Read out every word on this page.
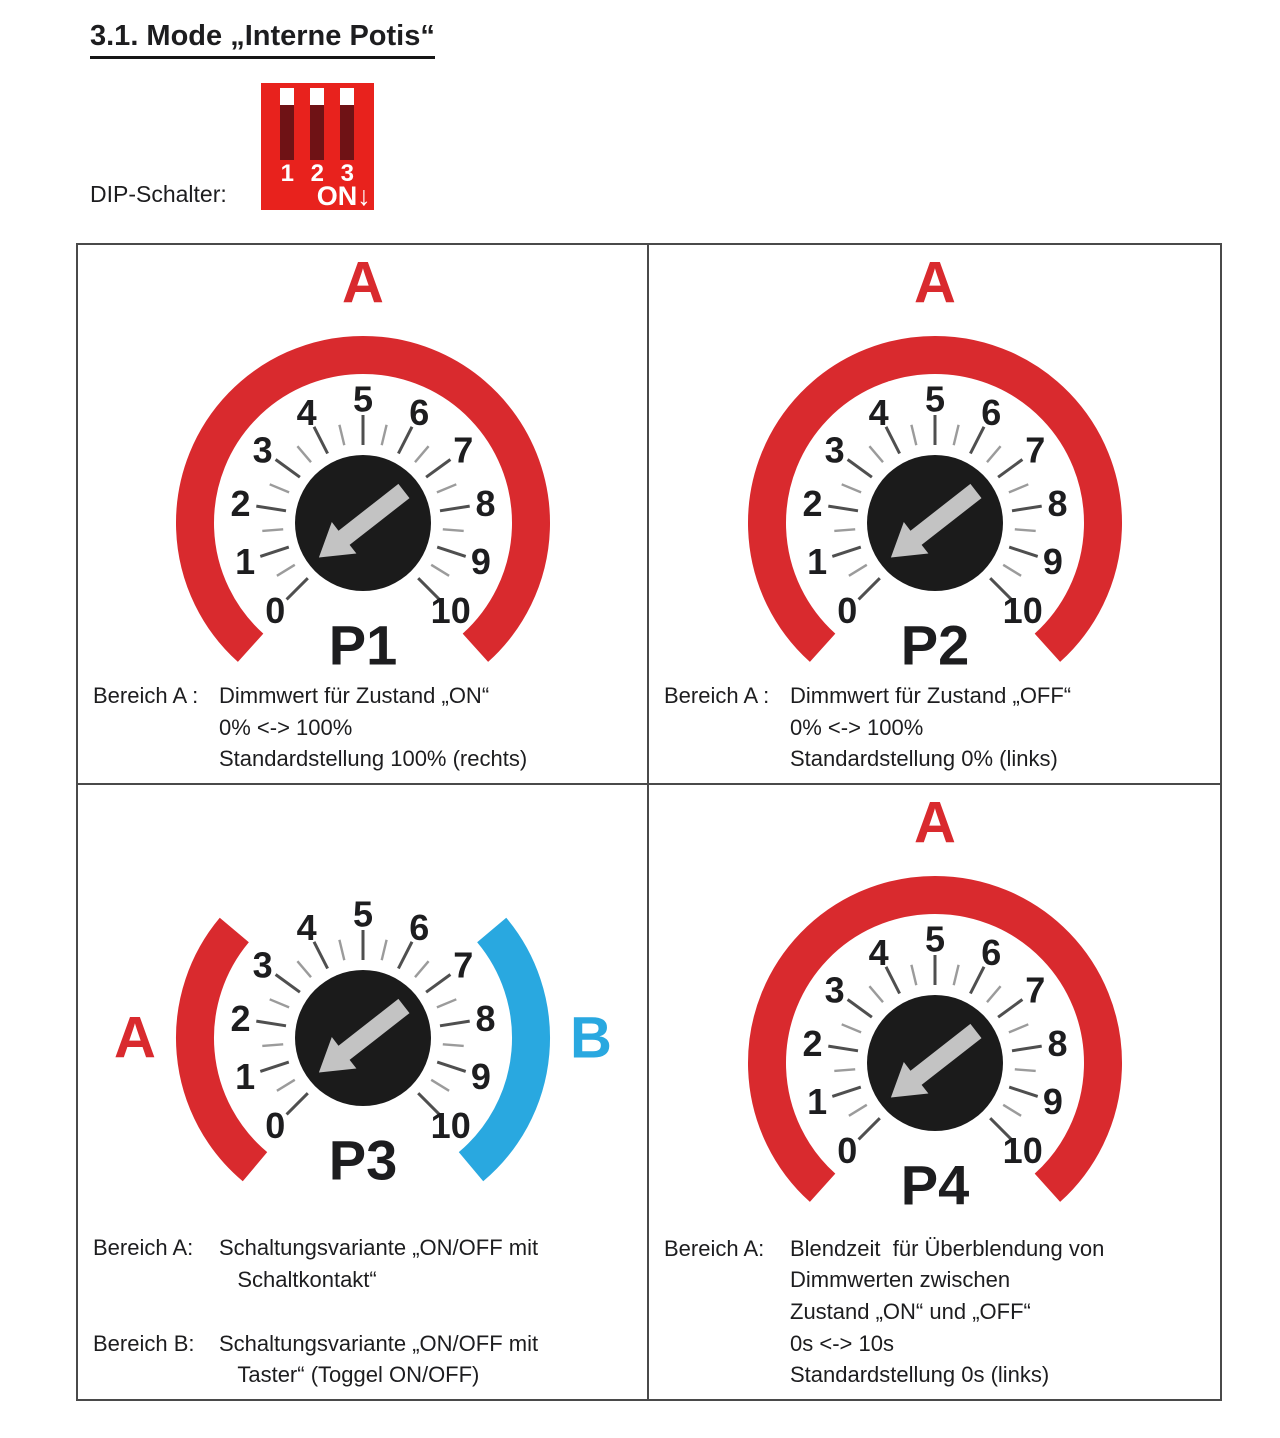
3.1. Mode „Interne Potis“
DIP-Schalter:
1 2 3
ON↓
A
0
1
2
3
4 5 6
7
8
9
10
P1
Bereich A : Dimmwert für Zustand „ON“
0% <-> 100%
Standardstellung 100% (rechts)
A
0
1
2
3
4 5 6
7
8
9
10
P2
Bereich A : Dimmwert für Zustand „OFF“
0% <-> 100%
Standardstellung 0% (links)
A	B
0
1
2
3
4 5 6
7
8
9
10
P3
Bereich A: Schaltungsvariante „ON/OFF mit
Schaltkontakt“
Bereich B: Schaltungsvariante „ON/OFF mit
Taster“ (Toggel ON/OFF)
A
0
1
2
3
4 5 6
7
8
9
10
P4
Bereich A: Blendzeit  für Überblendung von
Dimmwerten zwischen
Zustand „ON“ und „OFF“
0s <-> 10s
Standardstellung 0s (links)
